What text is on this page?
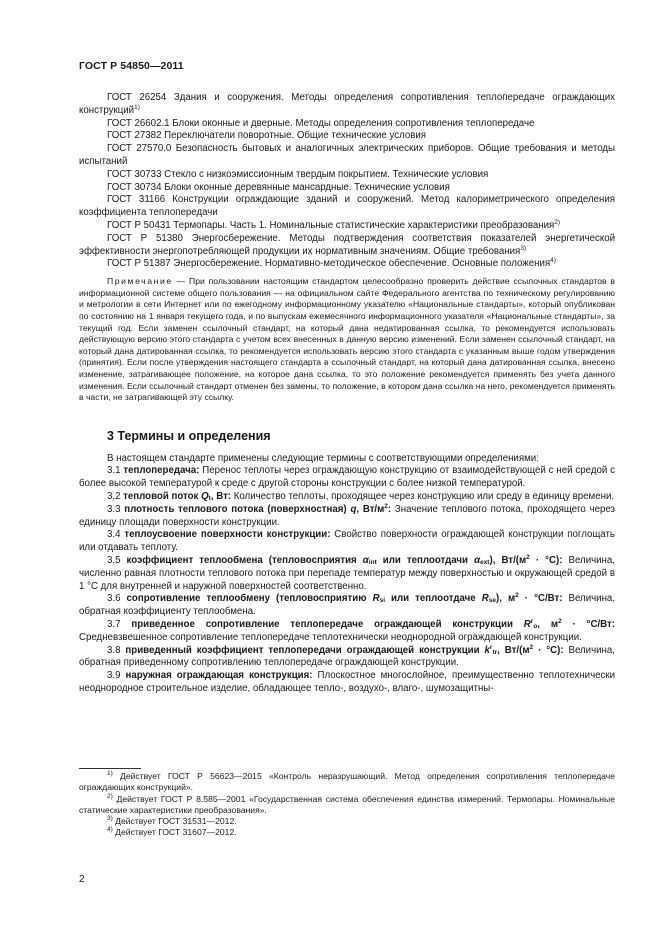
ГОСТ Р 54850—2011

ГОСТ 26254 Здания и сооружения. Методы определения сопротивления теплопередаче ограждающих конструкций$^{1)}$

ГОСТ 26602.1 Блоки оконные и дверные. Методы определения сопротивления теплопередаче

ГОСТ 27382 Переключатели поворотные. Общие технические условия

ГОСТ 27570.0 Безопасность бытовых и аналогичных электрических приборов. Общие требования и методы испытаний

ГОСТ 30733 Стекло с низкоэмиссионным твердым покрытием. Технические условия

ГОСТ 30734 Блоки оконные деревянные мансардные. Технические условия

ГОСТ 31166 Конструкции ограждающие зданий и сооружений. Метод калориметрического определения коэффициента теплопередачи

ГОСТ Р 50431 Термопары. Часть 1. Номинальные статистические характеристики преобразования$^{2)}$

ГОСТ Р 51380 Энергосбережение. Методы подтверждения соответствия показателей энергетической эффективности энергопотребляющей продукции их нормативным значениям. Общие требования$^{3)}$

ГОСТ Р 51387 Энергосбережение. Нормативно-методическое обеспечение. Основные положения$^{4)}$

Примечание — При пользовании настоящим стандартом целесообразно проверить действие ссылочных стандартов в информационной системе общего пользования — на официальном сайте Федерального агентства по техническому регулированию и метрологии в сети Интернет или по ежегодному информационному указателю «Национальные стандарты», который опубликован по состоянию на 1 января текущего года, и по выпускам ежемесячного информационного указателя «Национальные стандарты», за текущий год. Если заменен ссылочный стандарт, на который дана недатированная ссылка, то рекомендуется использовать действующую версию этого стандарта с учетом всех внесенных в данную версию изменений. Если заменен ссылочный стандарт, на который дана датированная ссылка, то рекомендуется использовать версию этого стандарта с указанным выше годом утверждения (принятия). Если после утверждения настоящего стандарта в ссылочный стандарт, на который дана датированная ссылка, внесено изменение, затрагивающее положение, на которое дана ссылка, то это положение рекомендуется применять без учета данного изменения. Если ссылочный стандарт отменен без замены, то положение, в котором дана ссылка на него, рекомендуется применять в части, не затрагивающей эту ссылку.

3 Термины и определения

В настоящем стандарте применены следующие термины с соответствующими определениями:

3.1 теплопередача: Перенос теплоты через ограждающую конструкцию от взаимодействующей с ней средой с более высокой температурой к среде с другой стороны конструкции с более низкой температурой.

3.2 тепловой поток $Q_t$, Вт: Количество теплоты, проходящее через конструкцию или среду в единицу времени.

3.3 плотность теплового потока (поверхностная) q, $Вт/м^2$: Значение теплового потока, проходящего через единицу площади поверхности конструкции.

3.4 теплоусвоение поверхности конструкции: Свойство поверхности ограждающей конструкции поглощать или отдавать теплоту.

3.5 коэффициент теплообмена (тепловосприятия $\alpha_{int}$ или теплоотдачи $\alpha_{ext}$), $Вт/(м^2 \cdot ^\circ С)$: Величина, численно равная плотности теплового потока при перепаде температур между поверхностью и окружающей средой в 1 °С для внутренней и наружной поверхностей соответственно.

3.6 сопротивление теплообмену (тепловосприятию $R_{si}$ или теплоотдаче $R_{se}$), $м^2 \cdot ^\circ С/Вт$: Величина, обратная коэффициенту теплообмена.

3.7 приведенное сопротивление теплопередаче ограждающей конструкции $R^r_o$, $м^2 \cdot ^\circ С/Вт$: Средневзвешенное сопротивление теплопередаче теплотехнически неоднородной ограждающей конструкции.

3.8 приведенный коэффициент теплопередачи ограждающей конструкции $k^r_{tr}$, $Вт/(м^2 \cdot ^\circ С)$: Величина, обратная приведенному сопротивлению теплопередаче ограждающей конструкции.

3.9 наружная ограждающая конструкция: Плоскостное многослойное, преимущественно теплотехнически неоднородное строительное изделие, обладающее тепло-, воздухо-, влаго-, шумозащитны-

$^{1)}$ Действует ГОСТ Р 56623—2015 «Контроль неразрушающий. Метод определения сопротивления теплопередаче ограждающих конструкций».

$^{2)}$ Действует ГОСТ Р 8.585—2001 «Государственная система обеспечения единства измерений. Термопары. Номинальные статические характеристики преобразования».

$^{3)}$ Действует ГОСТ 31531—2012.

$^{4)}$ Действует ГОСТ 31607—2012.

2
